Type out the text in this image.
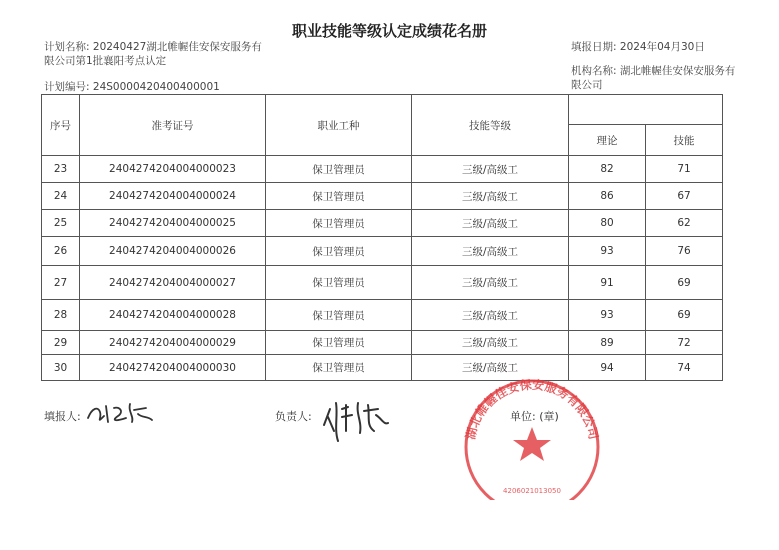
职业技能等级认定成绩花名册
计划名称: 20240427湖北帷幄佳安保安服务有限公司第1批襄阳考点认定
计划编号: 24S0000420400400001
填报日期: 2024年04月30日
机构名称: 湖北帷幄佳安保安服务有限公司
序号	准考证号	职业工种	技能等级		
				理论	技能
23	2404274204004000023	保卫管理员	三级/高级工	82	71
24	2404274204004000024	保卫管理员	三级/高级工	86	67
25	2404274204004000025	保卫管理员	三级/高级工	80	62
26	2404274204004000026	保卫管理员	三级/高级工	93	76
27	2404274204004000027	保卫管理员	三级/高级工	91	69
28	2404274204004000028	保卫管理员	三级/高级工	93	69
29	2404274204004000029	保卫管理员	三级/高级工	89	72
30	2404274204004000030	保卫管理员	三级/高级工	94	74
填报人:	负责人:	单位: (章)
湖北帷幄佳安保安服务有限公司
4206021013050
